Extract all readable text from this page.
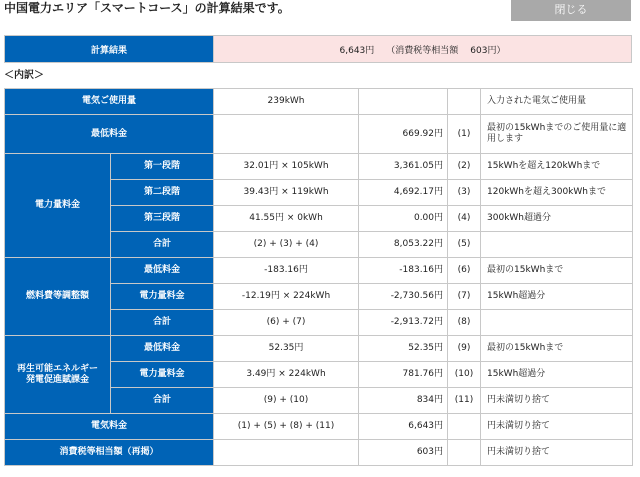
中国電力エリア「スマートコース」の計算結果です。	閉じる
計算結果	6,643円 （消費税等相当額 603円）
＜内訳＞
電気ご使用量		239kWh			入力された電気ご使用量
最低料金			669.92円	(1)	最初の15kWhまでのご使用量に適用します
電力量料金	第一段階	32.01円 × 105kWh	3,361.05円	(2)	15kWhを超え120kWhまで
	第二段階	39.43円 × 119kWh	4,692.17円	(3)	120kWhを超え300kWhまで
	第三段階	41.55円 × 0kWh	0.00円	(4)	300kWh超過分
	合計	(2) + (3) + (4)	8,053.22円	(5)	
燃料費等調整額	最低料金	-183.16円	-183.16円	(6)	最初の15kWhまで
	電力量料金	-12.19円 × 224kWh	-2,730.56円	(7)	15kWh超過分
	合計	(6) + (7)	-2,913.72円	(8)	
再生可能エネルギー
発電促進賦課金	最低料金	52.35円	52.35円	(9)	最初の15kWhまで
	電力量料金	3.49円 × 224kWh	781.76円	(10)	15kWh超過分
	合計	(9) + (10)	834円	(11)	円未満切り捨て
電気料金		(1) + (5) + (8) + (11)	6,643円		円未満切り捨て
消費税等相当額（再掲）			603円		円未満切り捨て
